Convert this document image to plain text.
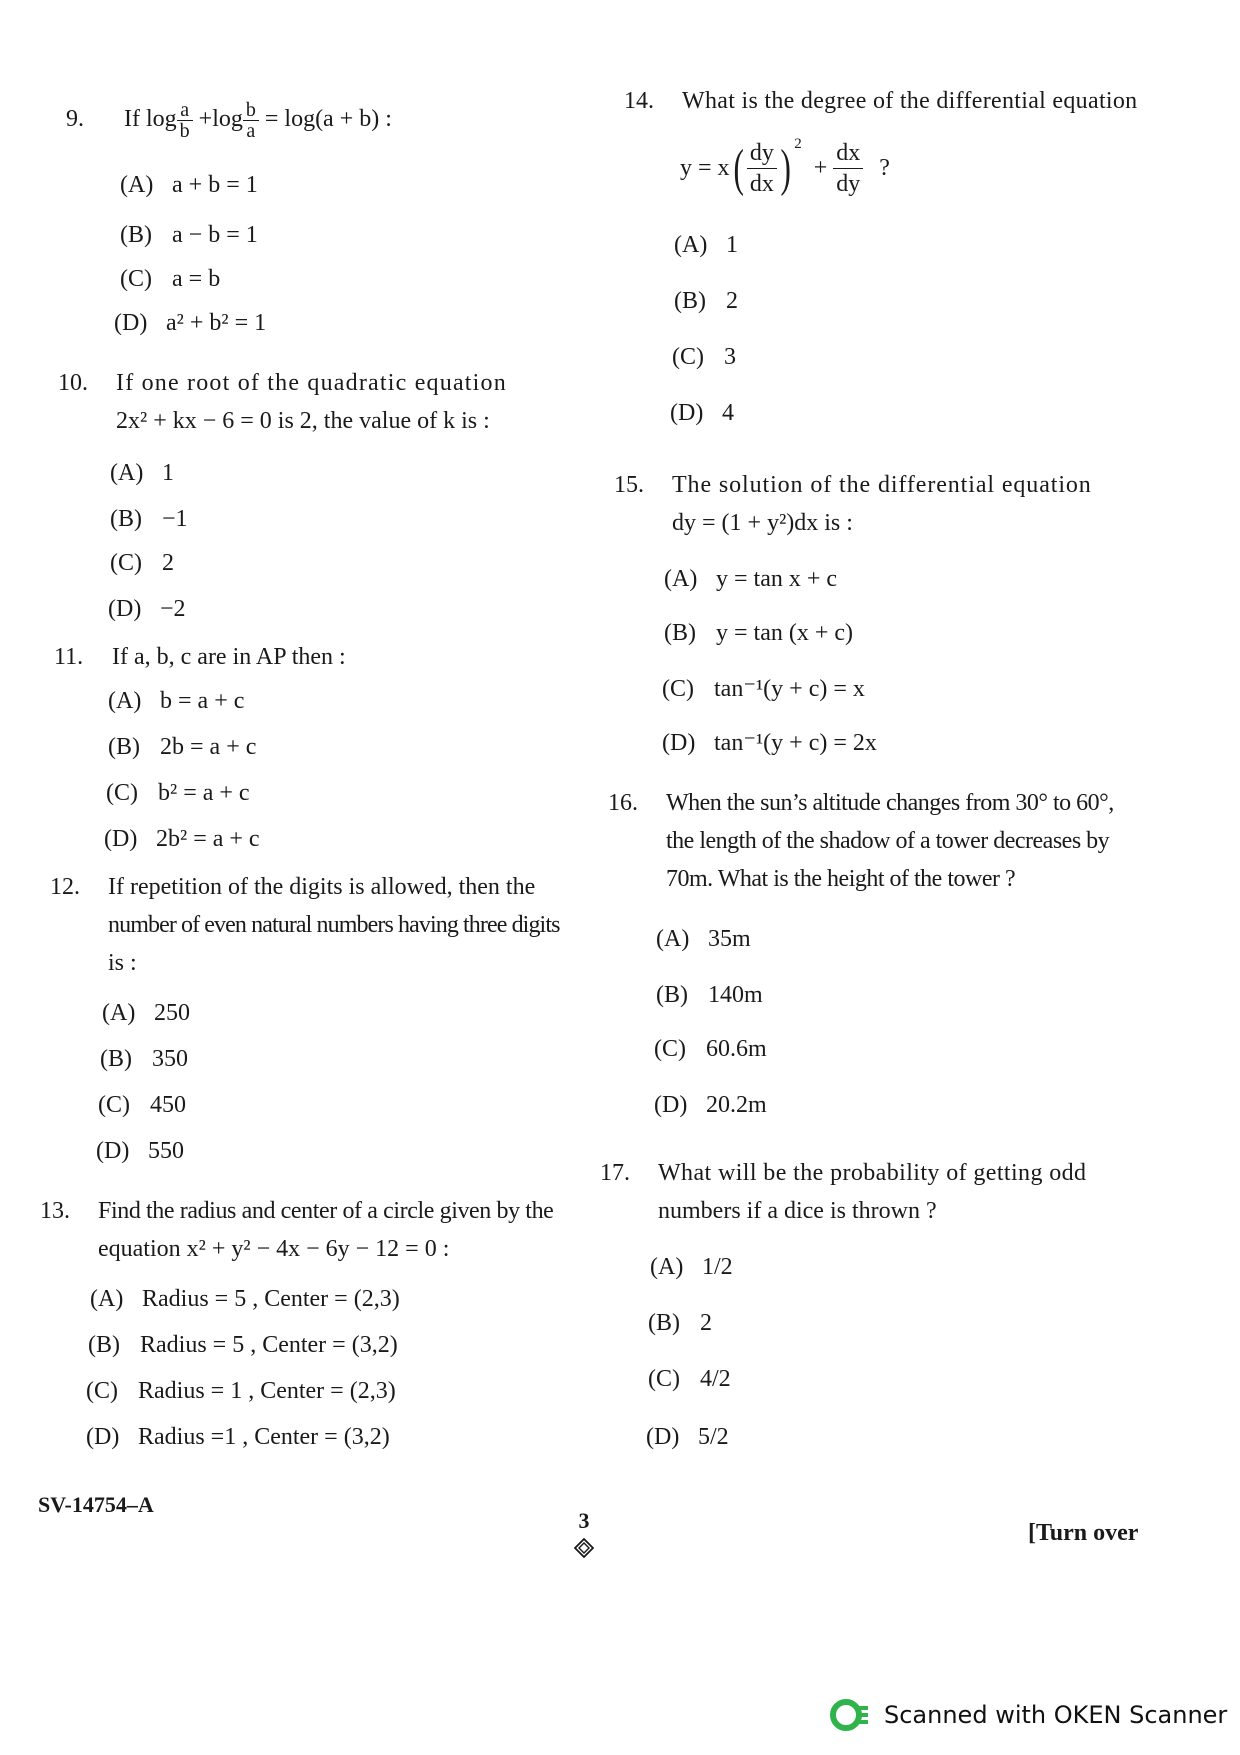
9.	If $\log \frac{a}{b} +\log \frac{b}{a} = \log(a + b)$ :
(A) a + b = 1
(B) a − b = 1
(C) a = b
(D) a² + b² = 1
10.	If one root of the quadratic equation
2x² + kx − 6 = 0 is 2, the value of k is :
(A) 1
(B) −1
(C) 2
(D) −2
11.	If a, b, c are in AP then :
(A) b = a + c
(B) 2b = a + c
(C) b² = a + c
(D) 2b² = a + c
12.	If repetition of the digits is allowed, then the
number of even natural numbers having three digits
is :
(A) 250
(B) 350
(C) 450
(D) 550
13.	Find the radius and center of a circle given by the
equation x² + y² − 4x − 6y − 12 = 0 :
(A) Radius = 5 , Center = (2,3)
(B) Radius = 5 , Center = (3,2)
(C) Radius = 1 , Center = (2,3)
(D) Radius =1 , Center = (3,2)
14.	What is the degree of the differential equation
$y = x( \frac{dy}{dx}$ ) $^2 + \frac{dx}{dy}$ ?
(A) 1
(B) 2
(C) 3
(D) 4
15.	The solution of the differential equation
dy = (1 + y²)dx is :
(A) y = tan x + c
(B) y = tan (x + c)
(C) tan⁻¹(y + c) = x
(D) tan⁻¹(y + c) = 2x
16.	When the sun’s altitude changes from 30° to 60°,
the length of the shadow of a tower decreases by
70m. What is the height of the tower ?
(A) 35m
(B) 140m
(C) 60.6m
(D) 20.2m
17.	What will be the probability of getting odd
numbers if a dice is thrown ?
(A) 1/2
(B) 2
(C) 4/2
(D) 5/2
SV-14754–A
3	[Turn over
Scanned with OKEN Scanner
